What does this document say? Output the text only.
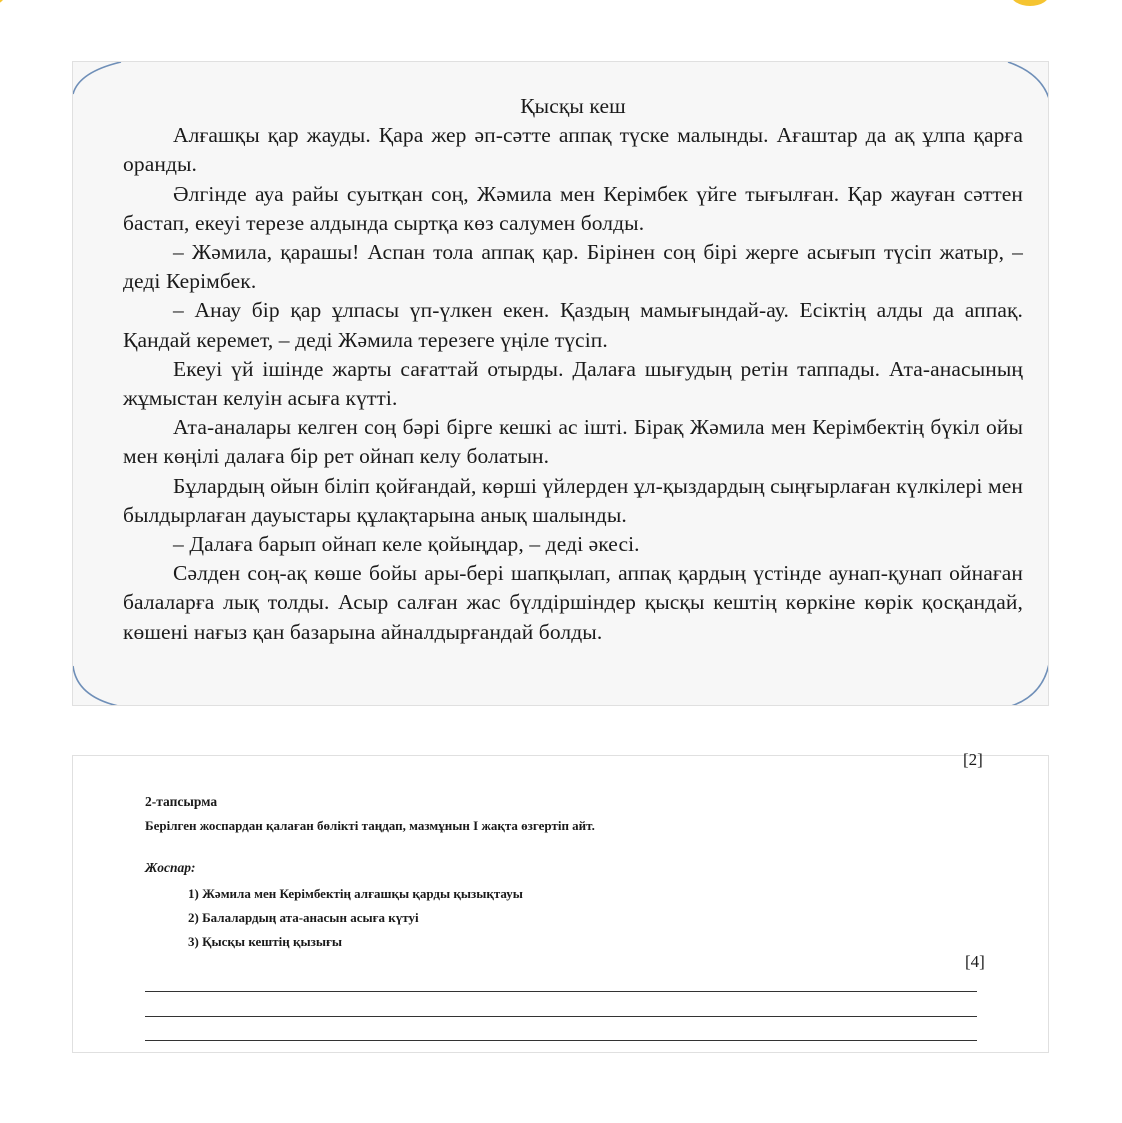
Қысқы кеш

Алғашқы қар жауды. Қара жер әп-сәтте аппақ түске малынды. Ағаштар да ақ ұлпа қарға оранды.

Әлгінде ауа райы суытқан соң, Жәмила мен Керімбек үйге тығылған. Қар жауған сәттен бастап, екеуі терезе алдында сыртқа көз салумен болды.

– Жәмила, қарашы! Аспан тола аппақ қар. Бірінен соң бірі жерге асығып түсіп жатыр, – деді Керімбек.

– Анау бір қар ұлпасы үп-үлкен екен. Қаздың мамығындай-ау. Есіктің алды да аппақ. Қандай керемет, – деді Жәмила терезеге үңіле түсіп.

Екеуі үй ішінде жарты сағаттай отырды. Далаға шығудың ретін таппады. Ата-анасының жұмыстан келуін асыға күтті.

Ата-аналары келген соң бәрі бірге кешкі ас ішті. Бірақ Жәмила мен Керімбектің бүкіл ойы мен көңілі далаға бір рет ойнап келу болатын.

Бұлардың ойын біліп қойғандай, көрші үйлерден ұл-қыздардың сыңғырлаған күлкілері мен былдырлаған дауыстары құлақтарына анық шалынды.

– Далаға барып ойнап келе қойыңдар, – деді әкесі.

Сәлден соң-ақ көше бойы ары-бері шапқылап, аппақ қардың үстінде аунап-қунап ойнаған балаларға лық толды. Асыр салған жас бүлдіршіндер қысқы кештің көркіне көрік қосқандай, көшені нағыз қан базарына айналдырғандай болды.

[2]
2-тапсырма
Берілген жоспардан қалаған бөлікті таңдап, мазмұнын І жақта өзгертіп айт.
Жоспар:
1) Жәмила мен Керімбектің алғашқы қарды қызықтауы
2) Балалардың ата-анасын асыға күтуі
3) Қысқы кештің қызығы
[4]
